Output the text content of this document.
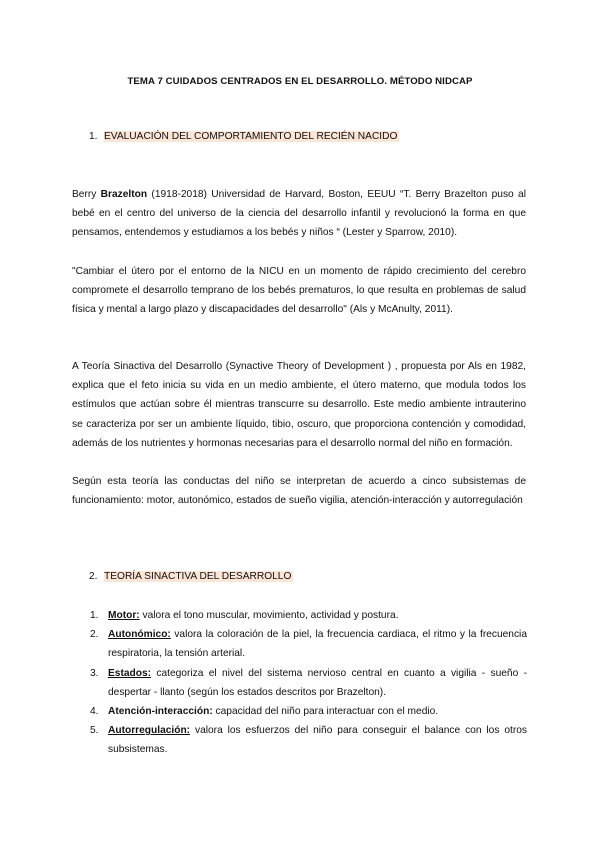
TEMA 7 CUIDADOS CENTRADOS EN EL DESARROLLO. MÉTODO NIDCAP
1. EVALUACIÓN DEL COMPORTAMIENTO DEL RECIÉN NACIDO

Berry Brazelton (1918-2018) Universidad de Harvard, Boston, EEUU “T. Berry Brazelton puso al bebé en el centro del universo de la ciencia del desarrollo infantil y revolucionó la forma en que pensamos, entendemos y estudiamos a los bebés y niños “ (Lester y Sparrow, 2010).

"Cambiar el útero por el entorno de la NICU en un momento de rápido crecimiento del cerebro compromete el desarrollo temprano de los bebés prematuros, lo que resulta en problemas de salud física y mental a largo plazo y discapacidades del desarrollo" (Als y McAnulty, 2011).

A Teoría Sinactiva del Desarrollo (Synactive Theory of Development ) , propuesta por Als en 1982, explica que el feto inicia su vida en un medio ambiente, el útero materno, que modula todos los estímulos que actúan sobre él mientras transcurre su desarrollo. Este medio ambiente intrauterino se caracteriza por ser un ambiente líquido, tibio, oscuro, que proporciona contención y comodidad, además de los nutrientes y hormonas necesarias para el desarrollo normal del niño en formación.

Según esta teoría las conductas del niño se interpretan de acuerdo a cinco subsistemas de funcionamiento: motor, autonómico, estados de sueño vigilia, atención-interacción y autorregulación

2. TEORÍA SINACTIVA DEL DESARROLLO
1. Motor: valora el tono muscular, movimiento, actividad y postura.
2. Autonómico: valora la coloración de la piel, la frecuencia cardiaca, el ritmo y la frecuencia respiratoria, la tensión arterial.
3. Estados: categoriza el nivel del sistema nervioso central en cuanto a vigilia - sueño - despertar - llanto (según los estados descritos por Brazelton).
4. Atención-interacción: capacidad del niño para interactuar con el medio.
5. Autorregulación: valora los esfuerzos del niño para conseguir el balance con los otros subsistemas.
